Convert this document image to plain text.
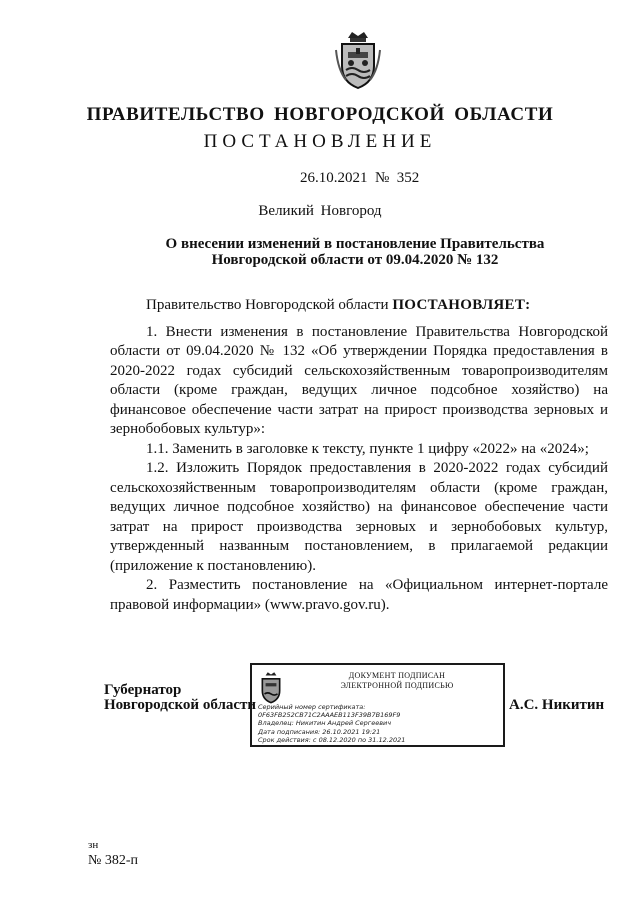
ПРАВИТЕЛЬСТВО НОВГОРОДСКОЙ ОБЛАСТИ
ПОСТАНОВЛЕНИЕ
26.10.2021  №  352
Великий Новгород
О внесении изменений в постановление Правительства
Новгородской области от 09.04.2020 № 132

Правительство Новгородской области ПОСТАНОВЛЯЕТ:

1. Внести изменения в постановление Правительства Новгородской области от 09.04.2020 № 132 «Об утверждении Порядка предоставления в 2020-2022 годах субсидий сельскохозяйственным товаропроизводителям области (кроме граждан, ведущих личное подсобное хозяйство) на финансовое обеспечение части затрат на прирост производства зерновых и зернобобовых культур»:

1.1. Заменить в заголовке к тексту, пункте 1 цифру «2022» на «2024»;

1.2. Изложить Порядок предоставления в 2020-2022 годах субсидий сельскохозяйственным товаропроизводителям области (кроме граждан, ведущих личное подсобное хозяйство) на финансовое обеспечение части затрат на прирост производства зерновых и зернобобовых культур, утвержденный названным постановлением, в прилагаемой редакции (приложение к постановлению).

2. Разместить постановление на «Официальном интернет-портале правовой информации» (www.pravo.gov.ru).

Губернатор
Новгородской области
ДОКУМЕНТ ПОДПИСАН
ЭЛЕКТРОННОЙ ПОДПИСЬЮ
Серийный номер сертификата:
0F63FB252CB71C2AAAEB113F39B7B169F9
Владелец: Никитин Андрей Сергеевич
Дата подписания: 26.10.2021 19:21
Срок действия: с 08.12.2020 по 31.12.2021
А.С. Никитин
зн
№ 382-п
